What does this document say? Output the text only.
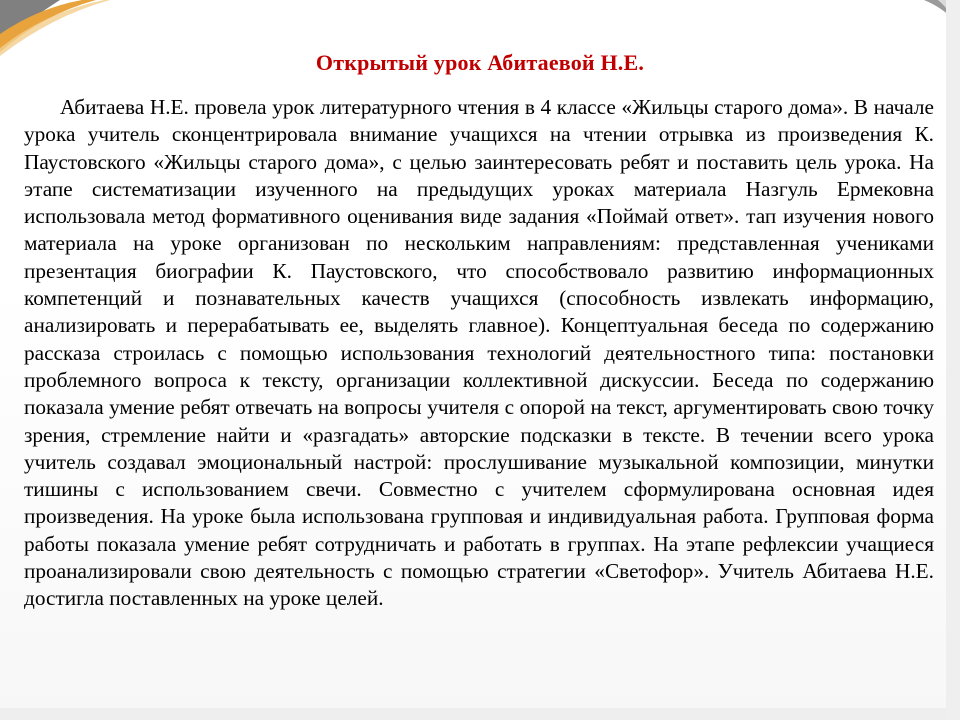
Открытый урок Абитаевой Н.Е.

Абитаева Н.Е. провела урок литературного чтения в 4 классе «Жильцы старого дома». В начале урока учитель сконцентрировала внимание учащихся на чтении отрывка из произведения К. Паустовского «Жильцы старого дома», с целью заинтересовать ребят и поставить цель урока. На этапе систематизации изученного на предыдущих уроках материала Назгуль Ермековна использовала метод формативного оценивания виде задания «Поймай ответ». тап изучения нового материала на уроке организован по нескольким направлениям: представленная учениками презентация биографии К. Паустовского, что способствовало развитию информационных компетенций и познавательных качеств учащихся (способность извлекать информацию, анализировать и перерабатывать ее, выделять главное). Концептуальная беседа по содержанию рассказа строилась с помощью использования технологий деятельностного типа: постановки проблемного вопроса к тексту, организации коллективной дискуссии. Беседа по содержанию показала умение ребят отвечать на вопросы учителя с опорой на текст, аргументировать свою точку зрения, стремление найти и «разгадать» авторские подсказки в тексте. В течении всего урока учитель создавал эмоциональный настрой: прослушивание музыкальной композиции, минутки тишины с использованием свечи. Совместно с учителем сформулирована основная идея произведения. На уроке была использована групповая и индивидуальная работа. Групповая форма работы показала умение ребят сотрудничать и работать в группах. На этапе рефлексии учащиеся проанализировали свою деятельность с помощью стратегии «Светофор». Учитель Абитаева Н.Е. достигла поставленных на уроке целей.
